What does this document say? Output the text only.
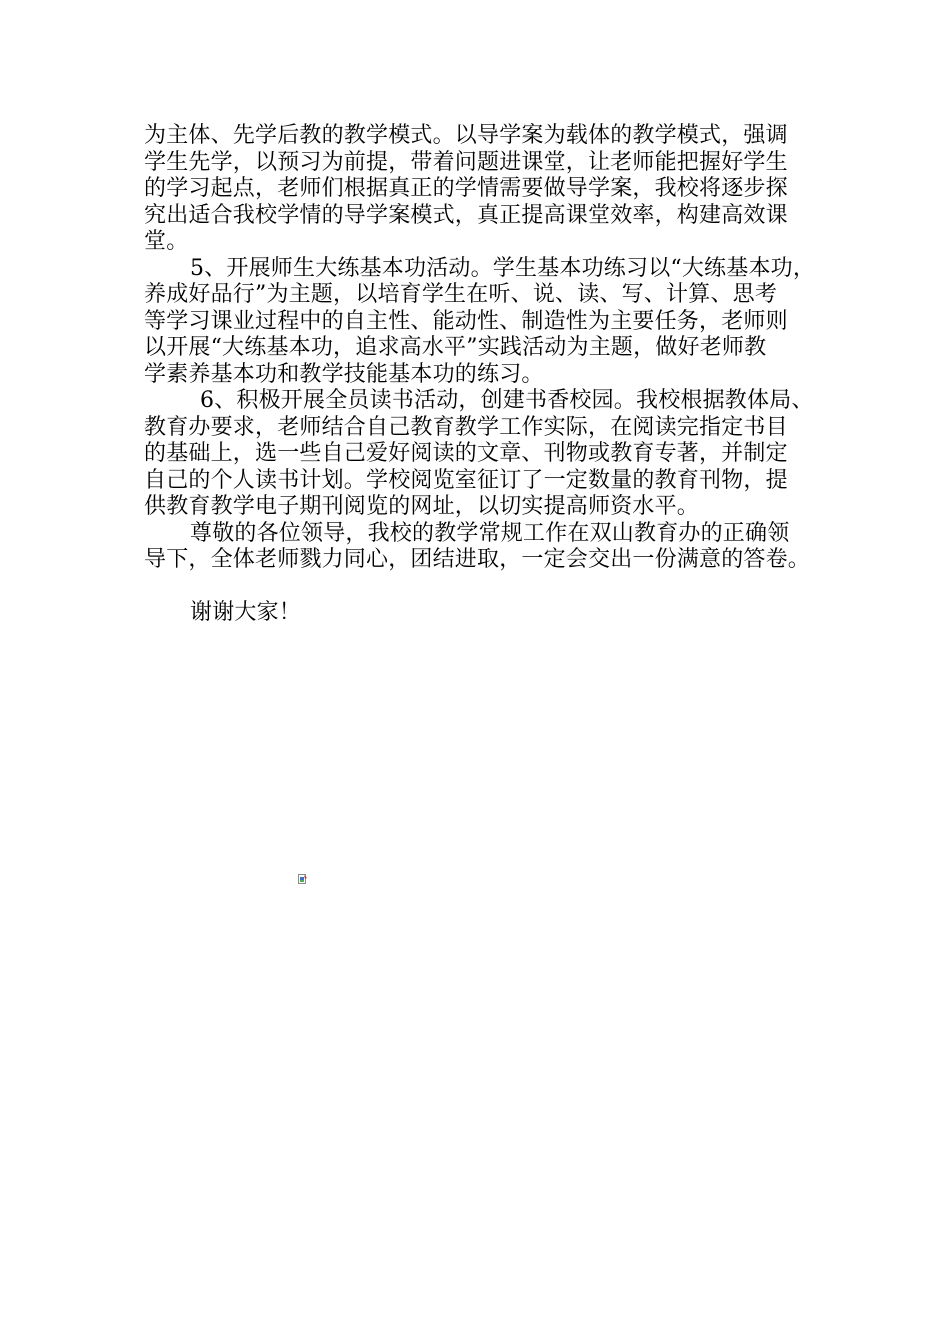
为主体、先学后教的教学模式。以导学案为载体的教学模式，强调
学生先学，以预习为前提，带着问题进课堂，让老师能把握好学生
的学习起点，老师们根据真正的学情需要做导学案，我校将逐步探
究出适合我校学情的导学案模式，真正提高课堂效率，构建高效课
堂。
5、开展师生大练基本功活动。学生基本功练习以“大练基本功，
养成好品行”为主题，以培育学生在听、说、读、写、计算、思考
等学习课业过程中的自主性、能动性、制造性为主要任务，老师则
以开展“大练基本功，追求高水平”实践活动为主题，做好老师教
学素养基本功和教学技能基本功的练习。
6、积极开展全员读书活动，创建书香校园。我校根据教体局、
教育办要求，老师结合自己教育教学工作实际，在阅读完指定书目
的基础上，选一些自己爱好阅读的文章、刊物或教育专著，并制定
自己的个人读书计划。学校阅览室征订了一定数量的教育刊物，提
供教育教学电子期刊阅览的网址，以切实提高师资水平。
尊敬的各位领导，我校的教学常规工作在双山教育办的正确领
导下，全体老师戮力同心，团结进取，一定会交出一份满意的答卷。
谢谢大家！
